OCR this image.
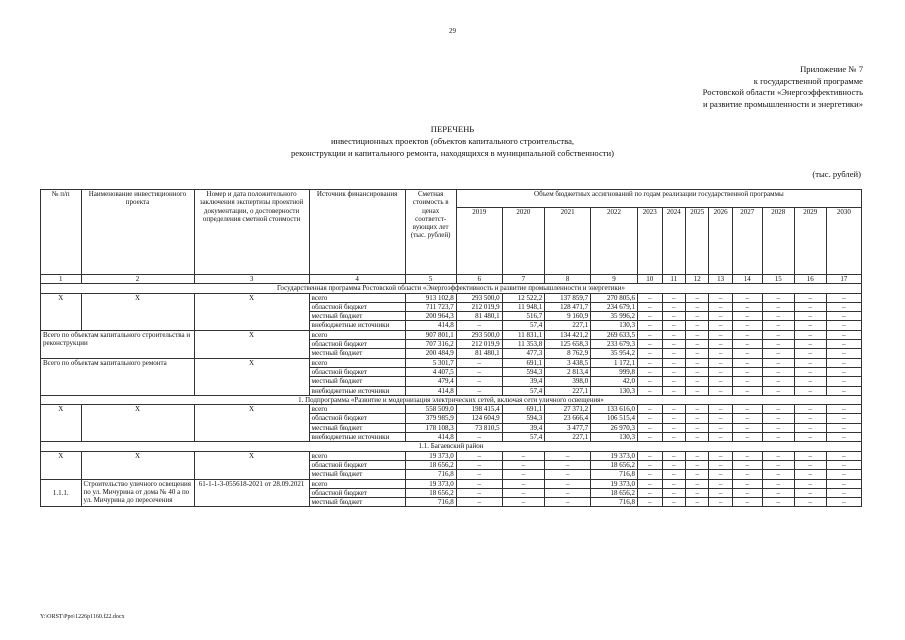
29
Приложение № 7
к государственной программе
Ростовской области «Энергоэффективность
и развитие промышленности и энергетики»
ПЕРЕЧЕНЬ
инвестиционных проектов (объектов капитального строительства,
реконструкции и капитального ремонта, находящихся в муниципальной собственности)
(тыс. рублей)
№ п/п	Наименование инвестиционного проекта	Номер и дата положительного заключения экспертизы проектной документации, о достоверности определения сметной стоимости	Источник финансирования	Сметная стоимость в ценах соответст-вующих лет (тыс. рублей)	Объем бюджетных ассигнований по годам реализации государственной программы											
					2019	2020	2021	2022	2023	2024	2025	2026	2027	2028	2029	2030
1	2	3	4	5	6	7	8	9	10	11	12	13	14	15	16	17
Государственная программа Ростовской области «Энергоэффективность и развитие промышленности и энергетики»																
X	X	X	всего	913 102,8	293 500,0	12 522,2	137 859,7	270 805,6	–	–	–	–	–	–	–	–
			областной бюджет	711 723,7	212 019,9	11 948,1	128 471,7	234 679,1	–	–	–	–	–	–	–	–
			местный бюджет	200 964,3	81 480,1	516,7	9 160,9	35 996,2	–	–	–	–	–	–	–	–
			внебюджетные источники	414,8	–	57,4	227,1	130,3	–	–	–	–	–	–	–	–
Всего по объектам капитального строительства и реконструкции		X	всего	907 801,1	293 500,0	11 831,1	134 421,2	269 633,5	–	–	–	–	–	–	–	–
			областной бюджет	707 316,2	212 019,9	11 353,8	125 658,3	233 679,3	–	–	–	–	–	–	–	–
			местный бюджет	200 484,9	81 480,1	477,3	8 762,9	35 954,2	–	–	–	–	–	–	–	–
Всего по объектам капитального ремонта		X	всего	5 301,7	–	691,1	3 438,5	1 172,1	–	–	–	–	–	–	–	–
			областной бюджет	4 407,5	–	594,3	2 813,4	999,8	–	–	–	–	–	–	–	–
			местный бюджет	479,4	–	39,4	398,0	42,0	–	–	–	–	–	–	–	–
			внебюджетные источники	414,8	–	57,4	227,1	130,3	–	–	–	–	–	–	–	–
1. Подпрограмма «Развитие и модернизация электрических сетей, включая сети уличного освещения»																
X	X	X	всего	558 509,0	198 415,4	691,1	27 371,2	133 616,0	–	–	–	–	–	–	–	–
			областной бюджет	379 985,9	124 604,9	594,3	23 666,4	106 515,4	–	–	–	–	–	–	–	–
			местный бюджет	178 108,3	73 810,5	39,4	3 477,7	26 970,3	–	–	–	–	–	–	–	–
			внебюджетные источники	414,8	–	57,4	227,1	130,3	–	–	–	–	–	–	–	–
1.1. Багаевский район																
X	X	X	всего	19 373,0	–	–	–	19 373,0	–	–	–	–	–	–	–	–
			областной бюджет	18 656,2	–	–	–	18 656,2	–	–	–	–	–	–	–	–
			местный бюджет	716,8	–	–	–	716,8	–	–	–	–	–	–	–	–
1.1.1.	Строительство уличного освещения по ул. Мичурина от дома № 40 а по ул. Мичурина до пересечения	61-1-1-3-055618-2021 от 28.09.2021	всего	19 373,0	–	–	–	19 373,0	–	–	–	–	–	–	–	–
			областной бюджет	18 656,2	–	–	–	18 656,2	–	–	–	–	–	–	–	–
			местный бюджет	716,8	–	–	–	716,8	–	–	–	–	–	–	–	–
Y:\ORST\Ppo\1226p1160.f22.docx
